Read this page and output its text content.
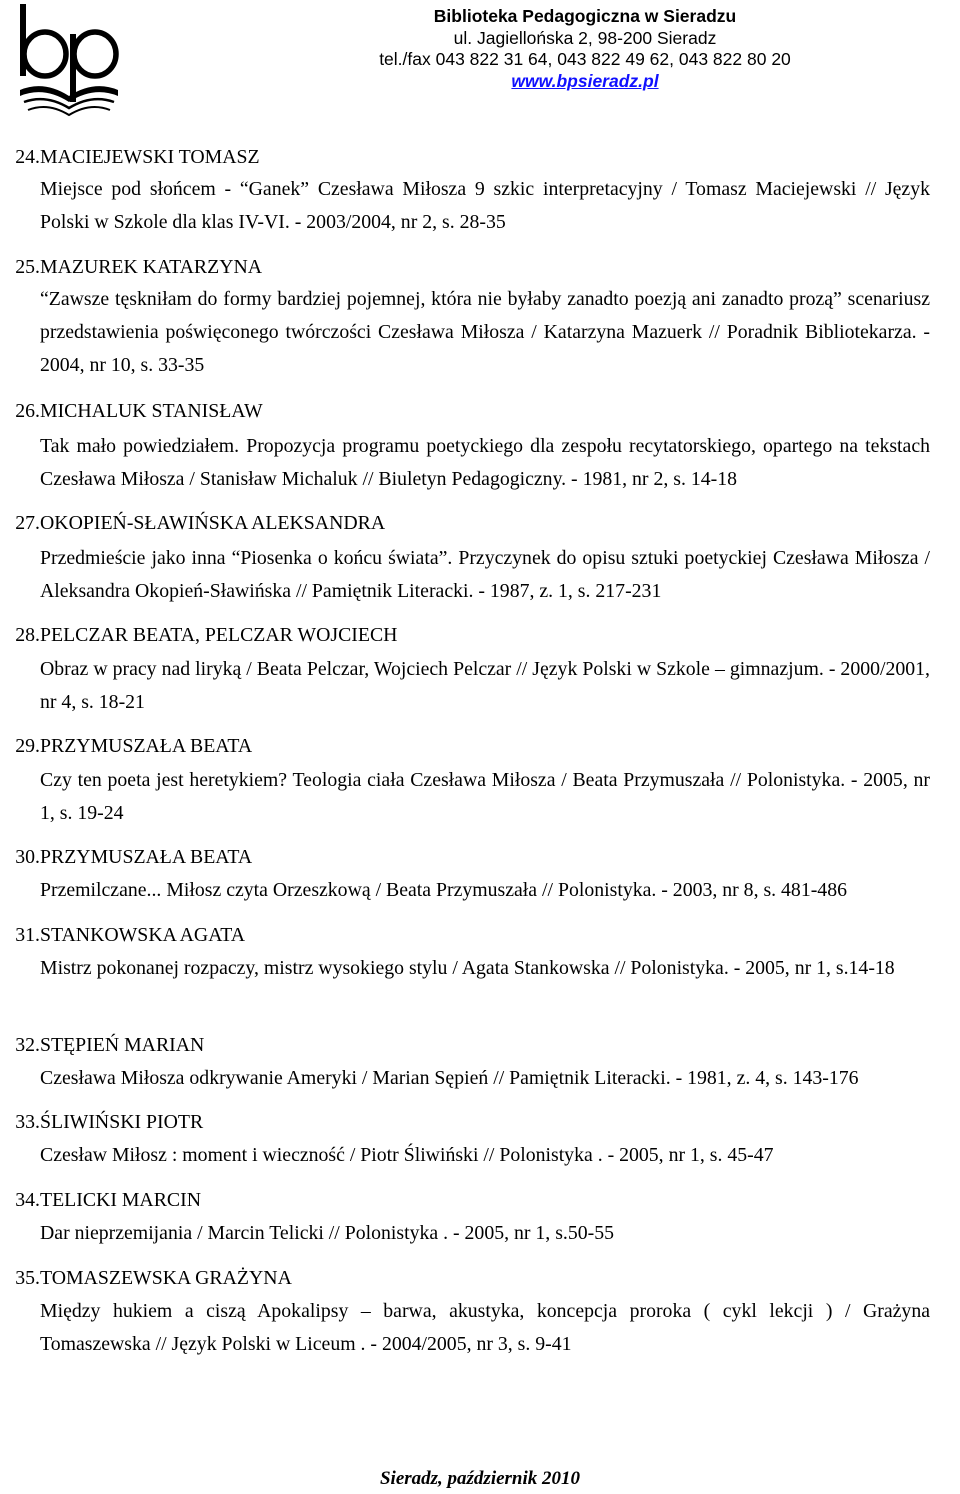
Biblioteka Pedagogiczna w Sieradzu
ul. Jagiellońska 2, 98-200 Sieradz
tel./fax 043 822 31 64, 043 822 49 62, 043 822 80 20
www.bpsieradz.pl
24. MACIEJEWSKI TOMASZ
Miejsce pod słońcem - “Ganek” Czesława Miłosza 9 szkic interpretacyjny / Tomasz Maciejewski // Język Polski w Szkole dla klas IV-VI. - 2003/2004, nr 2, s. 28-35
25. MAZUREK KATARZYNA
“Zawsze tęskniłam do formy bardziej pojemnej, która nie byłaby zanadto poezją ani zanadto prozą” scenariusz przedstawienia poświęconego twórczości Czesława Miłosza / Katarzyna Mazuerk // Poradnik Bibliotekarza. - 2004, nr 10, s. 33-35
26. MICHALUK STANISŁAW
Tak mało powiedziałem. Propozycja programu poetyckiego dla zespołu recytatorskiego, opartego na tekstach Czesława Miłosza / Stanisław Michaluk // Biuletyn Pedagogiczny. - 1981, nr 2, s. 14-18
27. OKOPIEŃ-SŁAWIŃSKA ALEKSANDRA
Przedmieście jako inna “Piosenka o końcu świata”. Przyczynek do opisu sztuki poetyckiej Czesława Miłosza / Aleksandra Okopień-Sławińska // Pamiętnik Literacki. - 1987, z. 1, s. 217-231
28. PELCZAR BEATA, PELCZAR WOJCIECH
Obraz w pracy nad liryką / Beata Pelczar, Wojciech Pelczar // Język Polski w Szkole – gimnazjum. - 2000/2001, nr 4, s. 18-21
29. PRZYMUSZAŁA BEATA
Czy ten poeta jest heretykiem? Teologia ciała Czesława Miłosza / Beata Przymuszała // Polonistyka. - 2005, nr 1, s. 19-24
30. PRZYMUSZAŁA BEATA
Przemilczane... Miłosz czyta Orzeszkową / Beata Przymuszała // Polonistyka. - 2003, nr 8, s. 481-486
31. STANKOWSKA AGATA
Mistrz pokonanej rozpaczy, mistrz wysokiego stylu / Agata Stankowska // Polonistyka. - 2005, nr 1, s.14-18
32. STĘPIEŃ MARIAN
Czesława Miłosza odkrywanie Ameryki / Marian Sępień // Pamiętnik Literacki. - 1981, z. 4, s. 143-176
33. ŚLIWIŃSKI PIOTR
Czesław Miłosz : moment i wieczność / Piotr Śliwiński // Polonistyka . - 2005, nr 1, s. 45-47
34. TELICKI MARCIN
Dar nieprzemijania / Marcin Telicki // Polonistyka . - 2005, nr 1, s.50-55
35. TOMASZEWSKA GRAŻYNA
Między hukiem a ciszą Apokalipsy – barwa, akustyka, koncepcja proroka ( cykl lekcji ) / Grażyna Tomaszewska // Język Polski w Liceum . - 2004/2005, nr 3, s. 9-41
Sieradz, październik 2010
